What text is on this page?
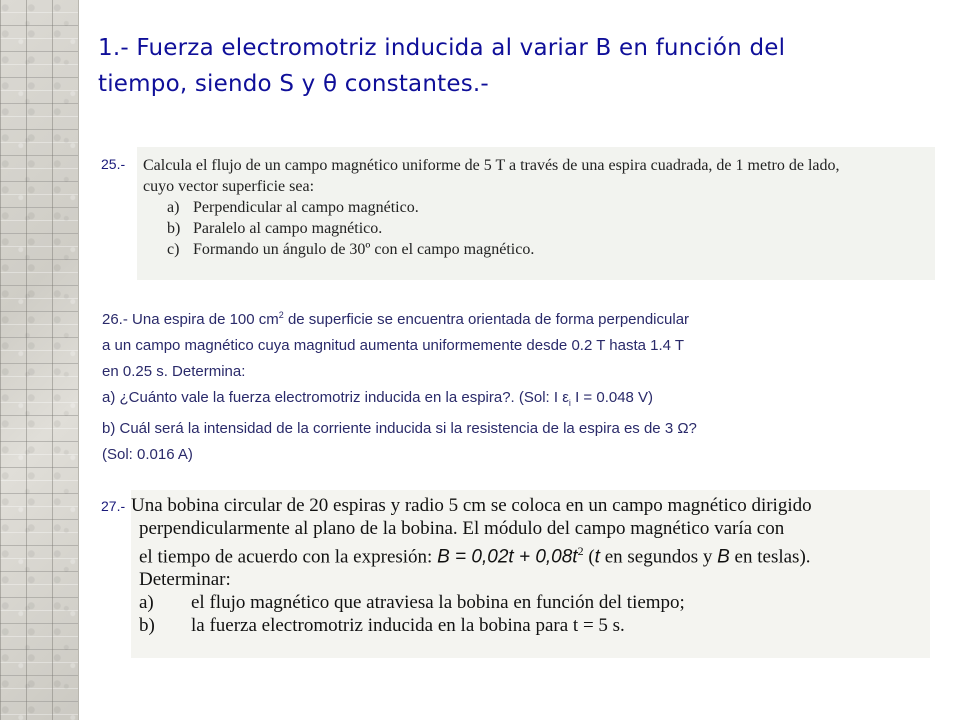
1.- Fuerza electromotriz inducida al variar B en función del
tiempo, siendo S y θ constantes.-
25.- Calcula el flujo de un campo magnético uniforme de 5 T a través de una espira cuadrada, de 1 metro de lado,
cuyo vector superficie sea:
a) Perpendicular al campo magnético.
b) Paralelo al campo magnético.
c) Formando un ángulo de 30º con el campo magnético.
26.- Una espira de 100 $cm^2$ de superficie se encuentra orientada de forma perpendicular
a un campo magnético cuya magnitud aumenta uniformemente desde 0.2 T hasta 1.4 T
en 0.25 s. Determina:
a) ¿Cuánto vale la fuerza electromotriz inducida en la espira?. (Sol: I $\varepsilon_i$ I = 0.048 V)
b) Cuál será la intensidad de la corriente inducida si la resistencia de la espira es de 3 Ω?
(Sol: 0.016 A)
27.- Una bobina circular de 20 espiras y radio 5 cm se coloca en un campo magnético dirigido
perpendicularmente al plano de la bobina. El módulo del campo magnético varía con
el tiempo de acuerdo con la expresión: $B = 0,02t + 0,08t^2$ (t en segundos y B en teslas).
Determinar:
a) el flujo magnético que atraviesa la bobina en función del tiempo;
b) la fuerza electromotriz inducida en la bobina para t = 5 s.
